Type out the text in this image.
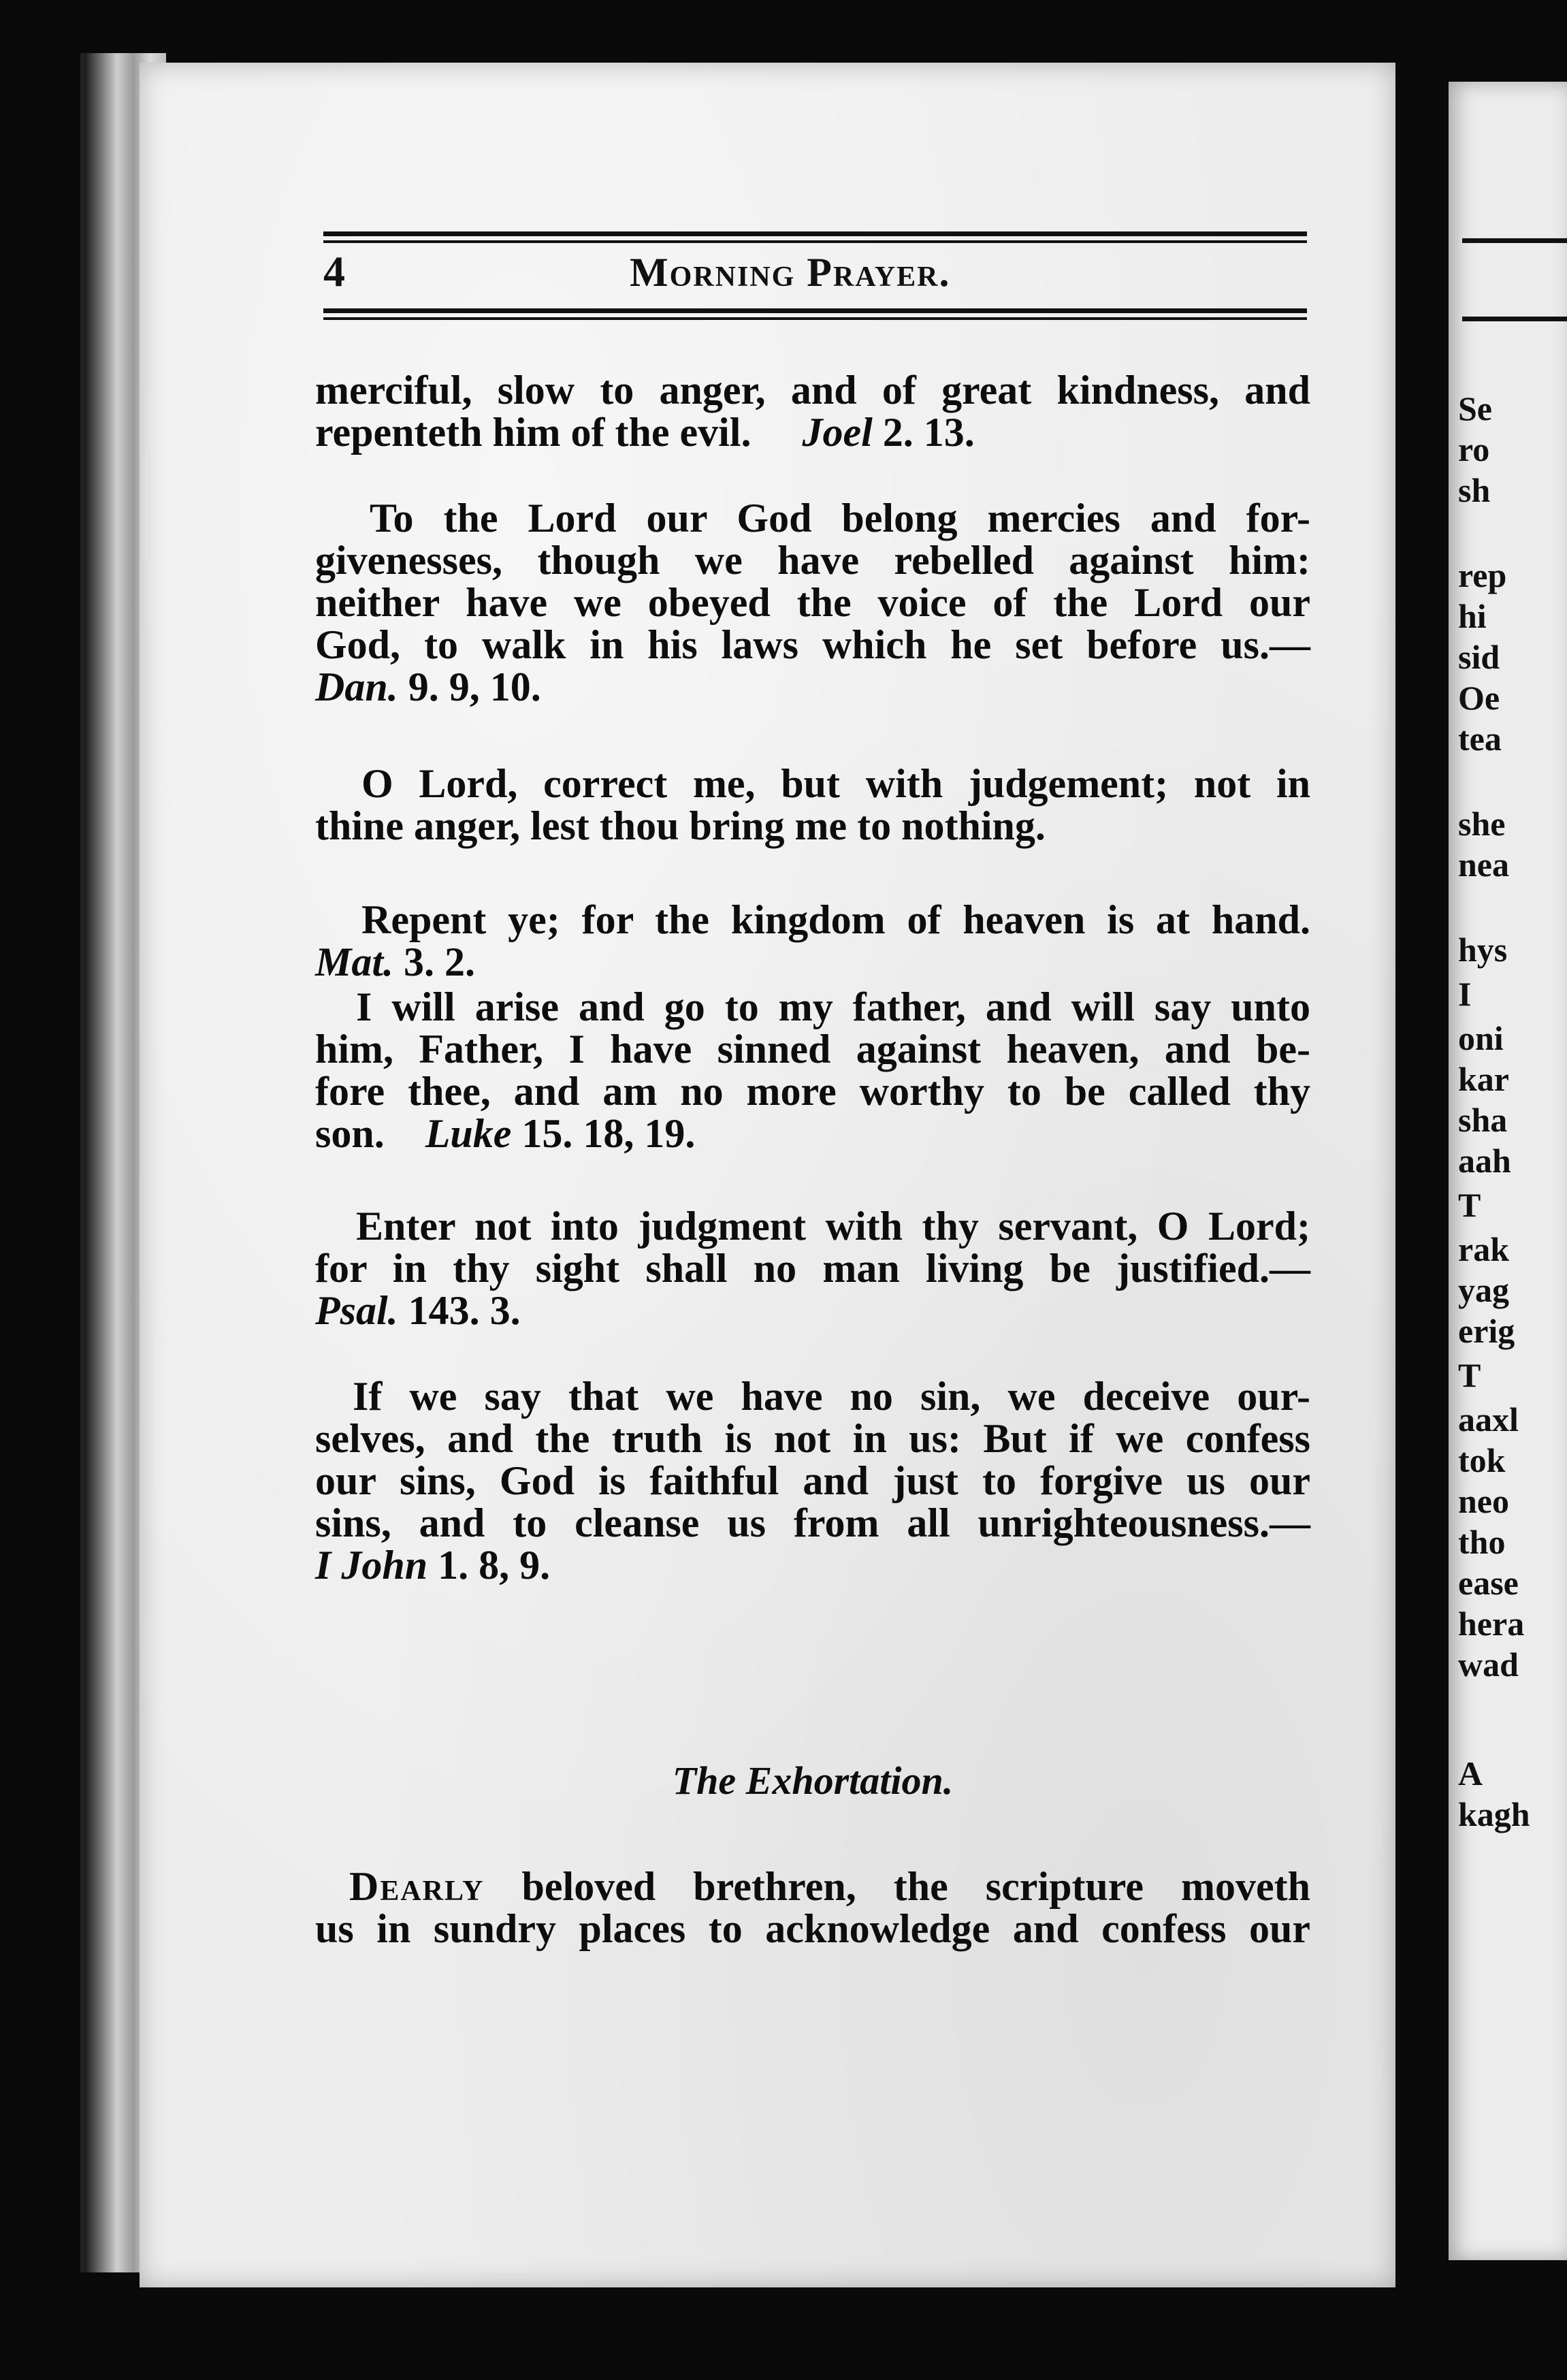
Se
ro
sh
rep
hi
sid
Oe
tea
she
nea
hys
I
oni
kar
sha
aah
T
rak
yag
erig
T
aaxl
tok
neo
tho
ease
hera
wad
A
kagh
4	Morning Prayer.
merciful, slow to anger, and of great kindness, and
repenteth him of the evil. Joel 2. 13.
To the Lord our God belong mercies and for-
givenesses, though we have rebelled against him:
neither have we obeyed the voice of the Lord our
God, to walk in his laws which he set before us.—
Dan. 9. 9, 10.
O Lord, correct me, but with judgement; not in
thine anger, lest thou bring me to nothing.
Repent ye; for the kingdom of heaven is at hand.
Mat. 3. 2.
I will arise and go to my father, and will say unto
him, Father, I have sinned against heaven, and be-
fore thee, and am no more worthy to be called thy
son. Luke 15. 18, 19.
Enter not into judgment with thy servant, O Lord;
for in thy sight shall no man living be justified.—
Psal. 143. 3.
If we say that we have no sin, we deceive our-
selves, and the truth is not in us: But if we confess
our sins, God is faithful and just to forgive us our
sins, and to cleanse us from all unrighteousness.—
I John 1. 8, 9.
The Exhortation.
Dearly beloved brethren, the scripture moveth
us in sundry places to acknowledge and confess our
